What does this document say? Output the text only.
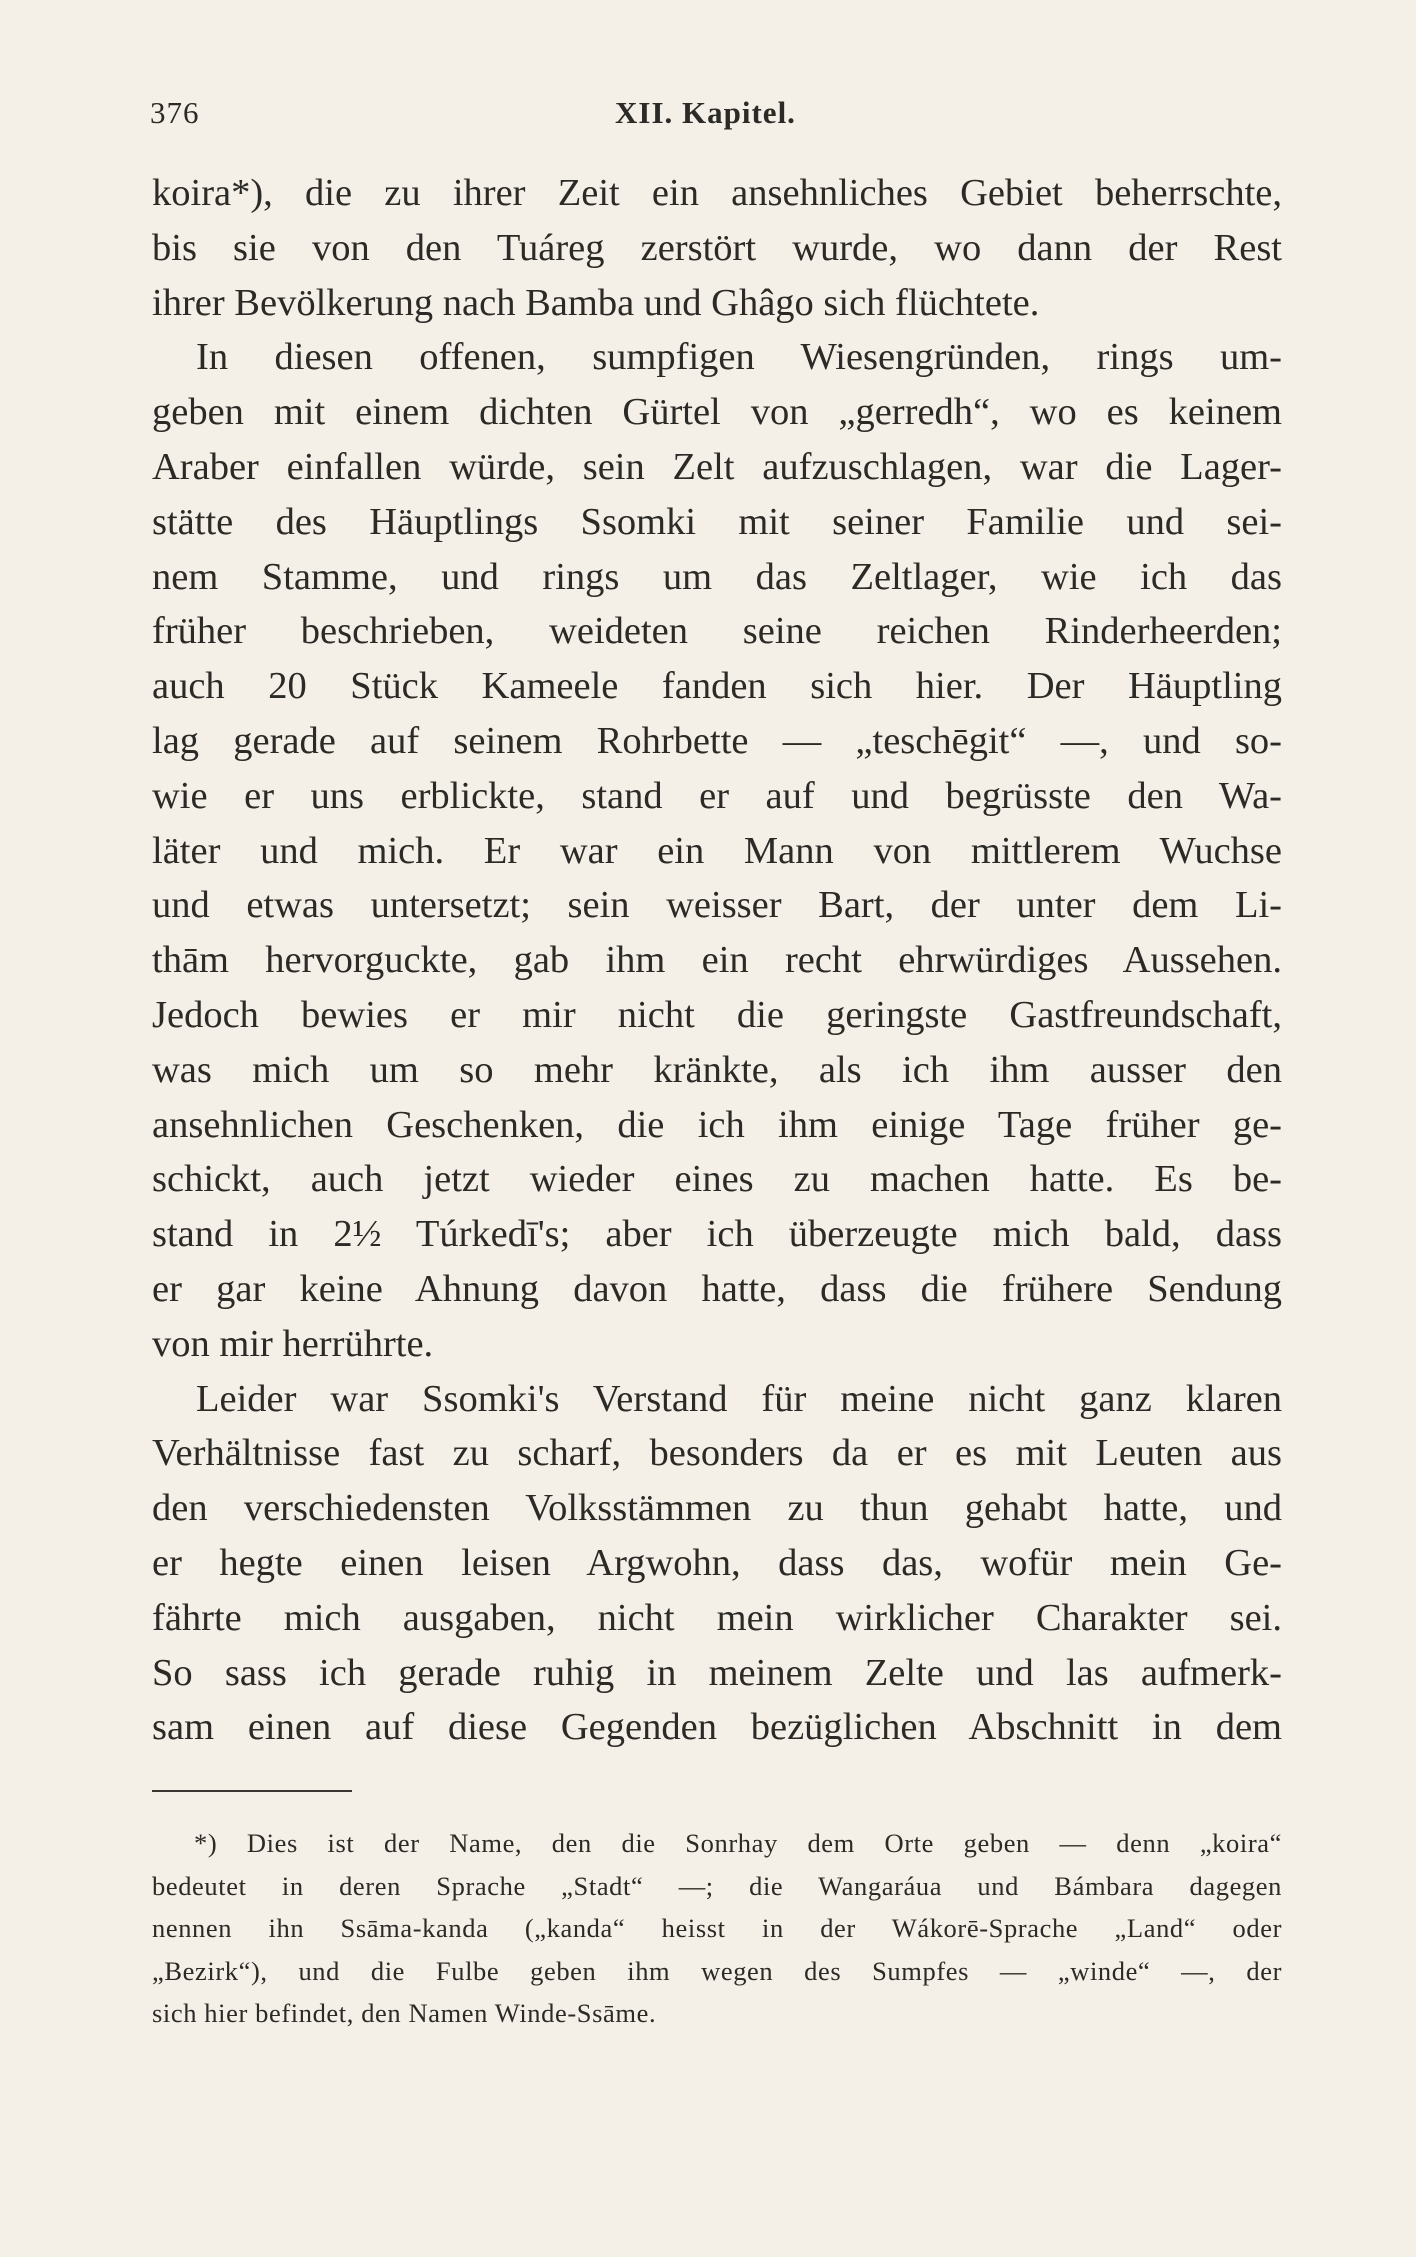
376	XII. Kapitel.
koira*), die zu ihrer Zeit ein ansehnliches Gebiet beherrschte,
bis sie von den Tuáreg zerstört wurde, wo dann der Rest
ihrer Bevölkerung nach Bamba und Ghâgo sich flüchtete.
In diesen offenen, sumpfigen Wiesengründen, rings um-
geben mit einem dichten Gürtel von „gerredh“, wo es keinem
Araber einfallen würde, sein Zelt aufzuschlagen, war die Lager-
stätte des Häuptlings Ssomki mit seiner Familie und sei-
nem Stamme, und rings um das Zeltlager, wie ich das
früher beschrieben, weideten seine reichen Rinderheerden;
auch 20 Stück Kameele fanden sich hier. Der Häuptling
lag gerade auf seinem Rohrbette — „teschēgit“ —, und so-
wie er uns erblickte, stand er auf und begrüsste den Wa-
läter und mich. Er war ein Mann von mittlerem Wuchse
und etwas untersetzt; sein weisser Bart, der unter dem Li-
thām hervorguckte, gab ihm ein recht ehrwürdiges Aussehen.
Jedoch bewies er mir nicht die geringste Gastfreundschaft,
was mich um so mehr kränkte, als ich ihm ausser den
ansehnlichen Geschenken, die ich ihm einige Tage früher ge-
schickt, auch jetzt wieder eines zu machen hatte. Es be-
stand in 2½ Túrkedī's; aber ich überzeugte mich bald, dass
er gar keine Ahnung davon hatte, dass die frühere Sendung
von mir herrührte.
Leider war Ssomki's Verstand für meine nicht ganz klaren
Verhältnisse fast zu scharf, besonders da er es mit Leuten aus
den verschiedensten Volksstämmen zu thun gehabt hatte, und
er hegte einen leisen Argwohn, dass das, wofür mein Ge-
fährte mich ausgaben, nicht mein wirklicher Charakter sei.
So sass ich gerade ruhig in meinem Zelte und las aufmerk-
sam einen auf diese Gegenden bezüglichen Abschnitt in dem
*) Dies ist der Name, den die Sonrhay dem Orte geben — denn „koira“
bedeutet in deren Sprache „Stadt“ —; die Wangaráua und Bámbara dagegen
nennen ihn Ssāma-kanda („kanda“ heisst in der Wákorē-Sprache „Land“ oder
„Bezirk“), und die Fulbe geben ihm wegen des Sumpfes — „winde“ —, der
sich hier befindet, den Namen Winde-Ssāme.
